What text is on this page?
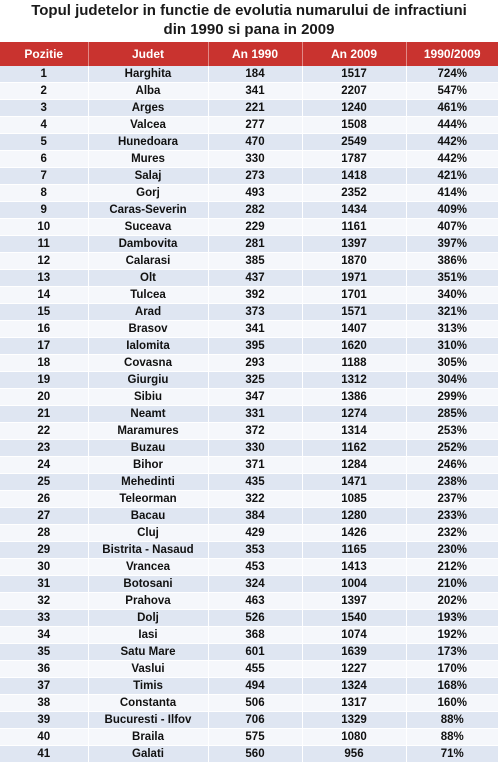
Topul judetelor in functie de evolutia numarului de infractiuni
din 1990 si pana in 2009
Pozitie	Judet	An 1990	An 2009	1990/2009
1	Harghita	184	1517	724%
2	Alba	341	2207	547%
3	Arges	221	1240	461%
4	Valcea	277	1508	444%
5	Hunedoara	470	2549	442%
6	Mures	330	1787	442%
7	Salaj	273	1418	421%
8	Gorj	493	2352	414%
9	Caras-Severin	282	1434	409%
10	Suceava	229	1161	407%
11	Dambovita	281	1397	397%
12	Calarasi	385	1870	386%
13	Olt	437	1971	351%
14	Tulcea	392	1701	340%
15	Arad	373	1571	321%
16	Brasov	341	1407	313%
17	Ialomita	395	1620	310%
18	Covasna	293	1188	305%
19	Giurgiu	325	1312	304%
20	Sibiu	347	1386	299%
21	Neamt	331	1274	285%
22	Maramures	372	1314	253%
23	Buzau	330	1162	252%
24	Bihor	371	1284	246%
25	Mehedinti	435	1471	238%
26	Teleorman	322	1085	237%
27	Bacau	384	1280	233%
28	Cluj	429	1426	232%
29	Bistrita - Nasaud	353	1165	230%
30	Vrancea	453	1413	212%
31	Botosani	324	1004	210%
32	Prahova	463	1397	202%
33	Dolj	526	1540	193%
34	Iasi	368	1074	192%
35	Satu Mare	601	1639	173%
36	Vaslui	455	1227	170%
37	Timis	494	1324	168%
38	Constanta	506	1317	160%
39	Bucuresti - Ilfov	706	1329	88%
40	Braila	575	1080	88%
41	Galati	560	956	71%
